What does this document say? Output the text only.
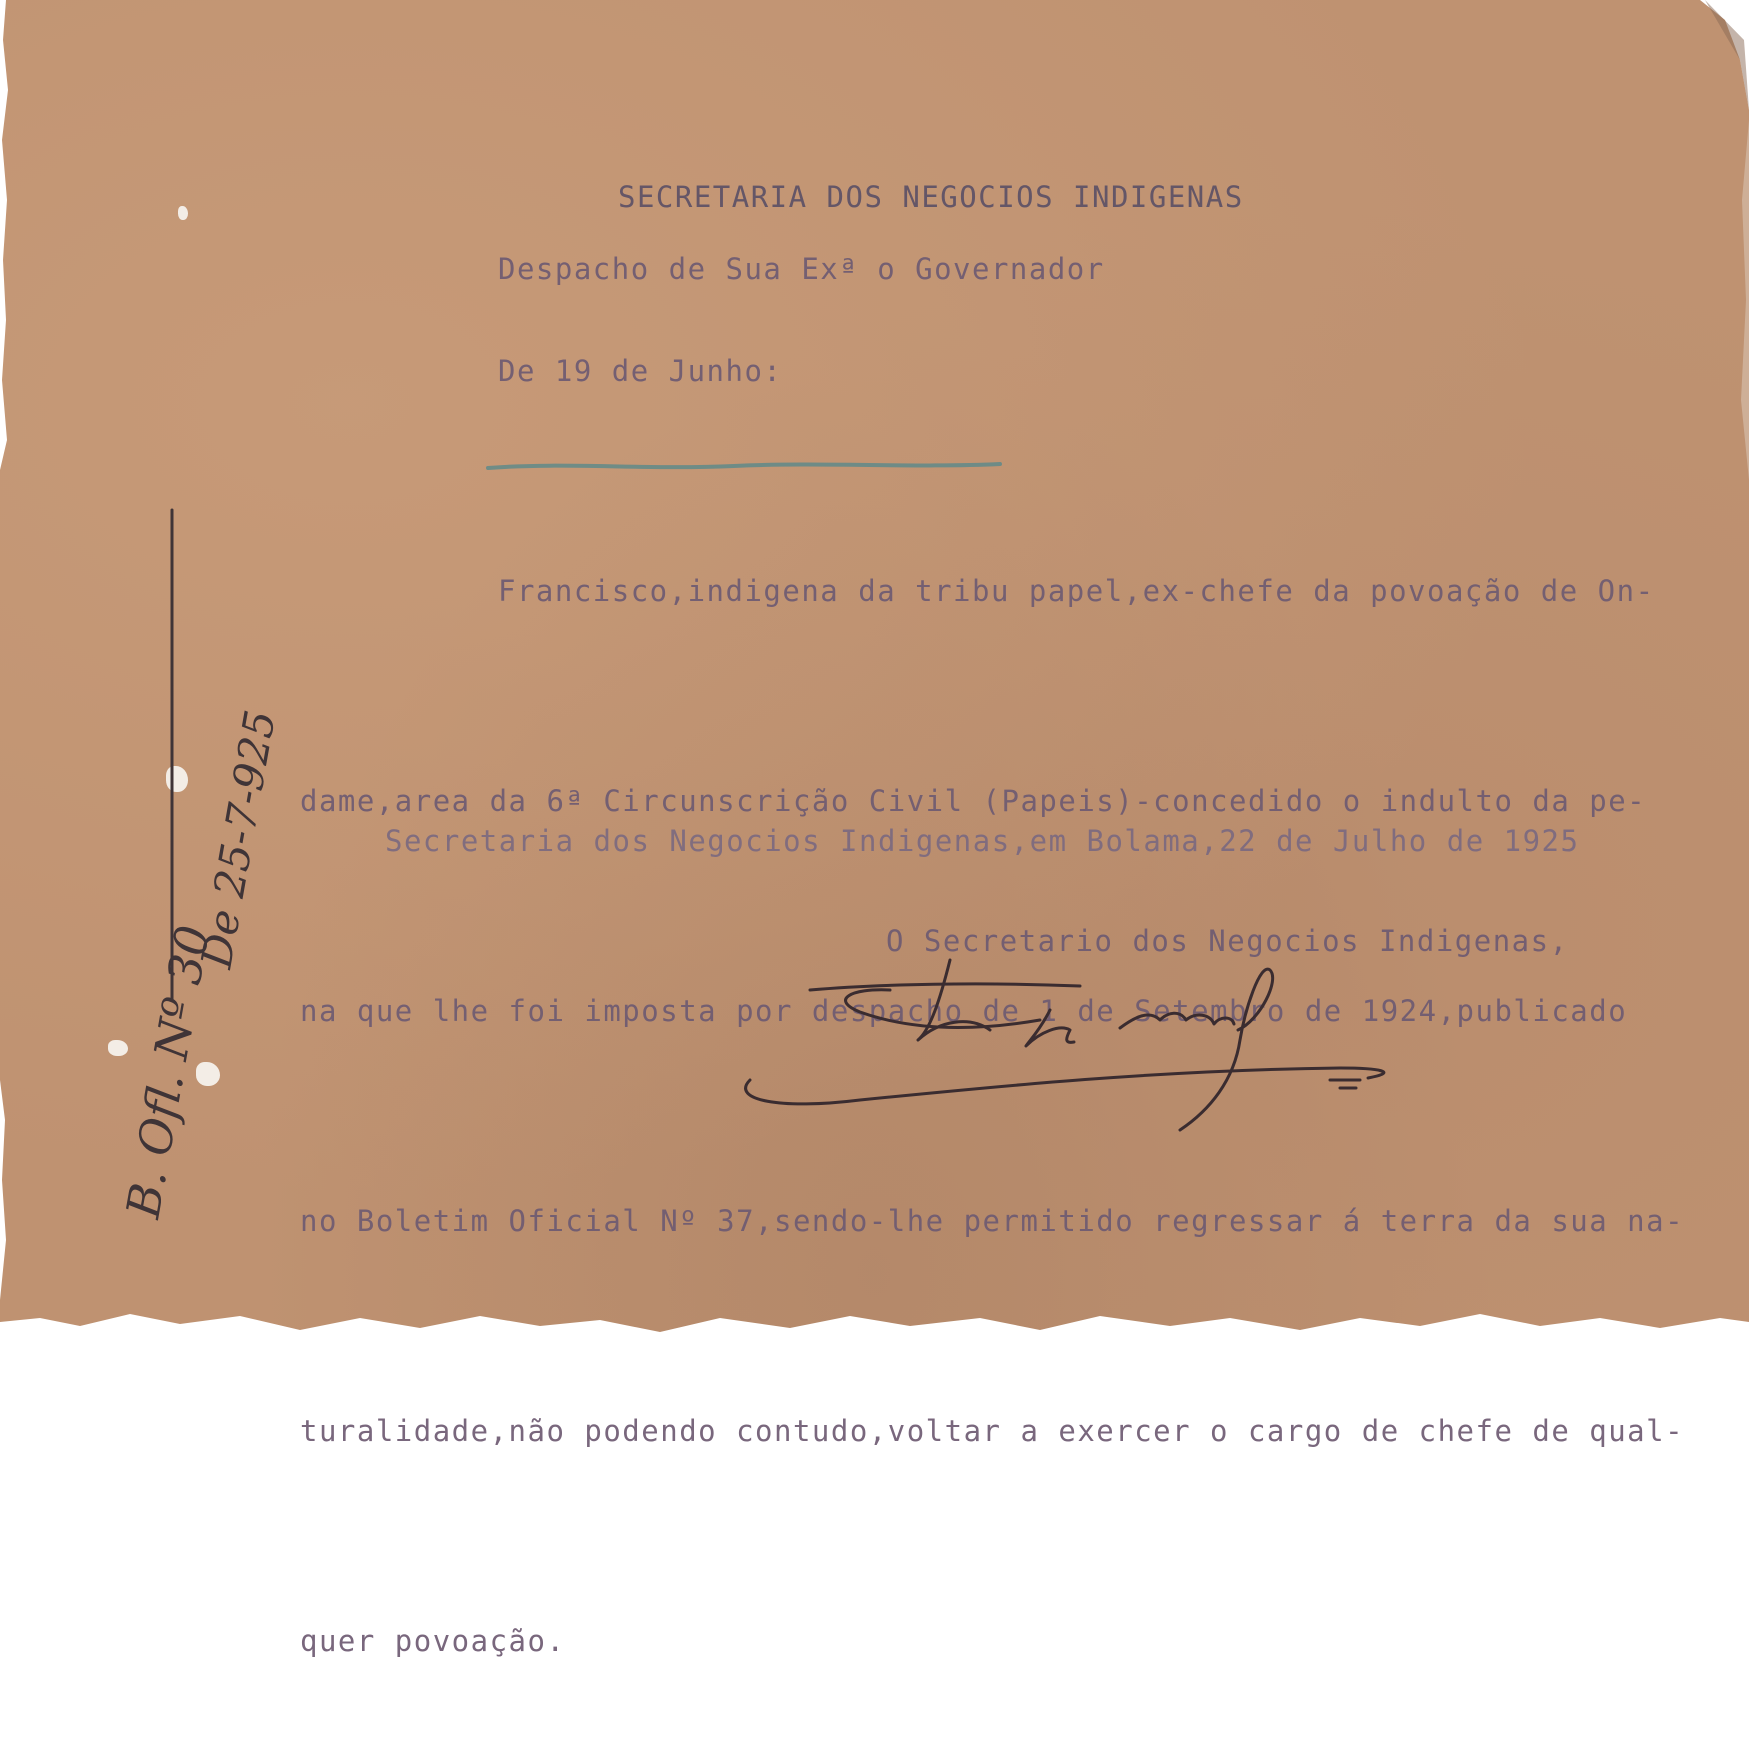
SECRETARIA DOS NEGOCIOS INDIGENAS
Despacho de Sua Exª o Governador
De 19 de Junho:

Francisco,indigena da tribu papel,ex-chefe da povoação de On-

dame,area da 6ª Circunscrição Civil (Papeis)-concedido o indulto da pe-

na que lhe foi imposta por despacho de 1 de Setembro de 1924,publicado

no Boletim Oficial Nº 37,sendo-lhe permitido regressar á terra da sua na-

turalidade,não podendo contudo,voltar a exercer o cargo de chefe de qual-

quer povoação.

Secretaria dos Negocios Indigenas,em Bolama,22 de Julho de 1925
O Secretario dos Negocios Indigenas,
B. Ofl. Nº 30
De 25-7-925
